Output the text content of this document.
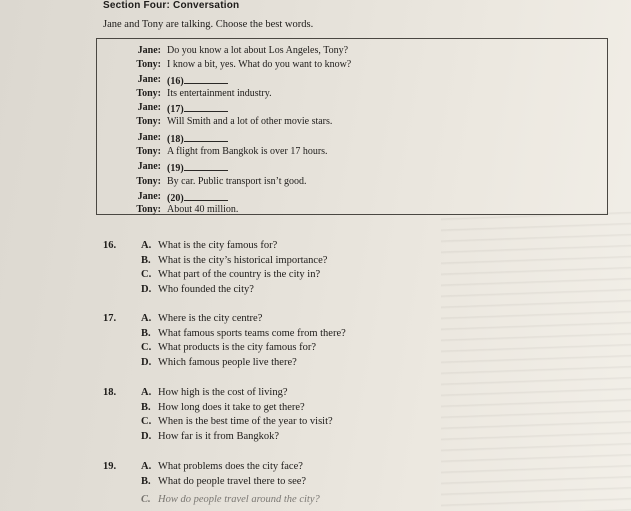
Section Four: Conversation
Jane and Tony are talking. Choose the best words.
Jane: Do you know a lot about Los Angeles, Tony?
Tony: I know a bit, yes. What do you want to know?
Jane: (16)
Tony: Its entertainment industry.
Jane: (17)
Tony: Will Smith and a lot of other movie stars.
Jane: (18)
Tony: A flight from Bangkok is over 17 hours.
Jane: (19)
Tony: By car. Public transport isn’t good.
Jane: (20)
Tony: About 40 million.
16. A. What is the city famous for?
B. What is the city’s historical importance?
C. What part of the country is the city in?
D. Who founded the city?
17. A. Where is the city centre?
B. What famous sports teams come from there?
C. What products is the city famous for?
D. Which famous people live there?
18. A. How high is the cost of living?
B. How long does it take to get there?
C. When is the best time of the year to visit?
D. How far is it from Bangkok?
19. A. What problems does the city face?
B. What do people travel there to see?
C. How do people travel around the city?
